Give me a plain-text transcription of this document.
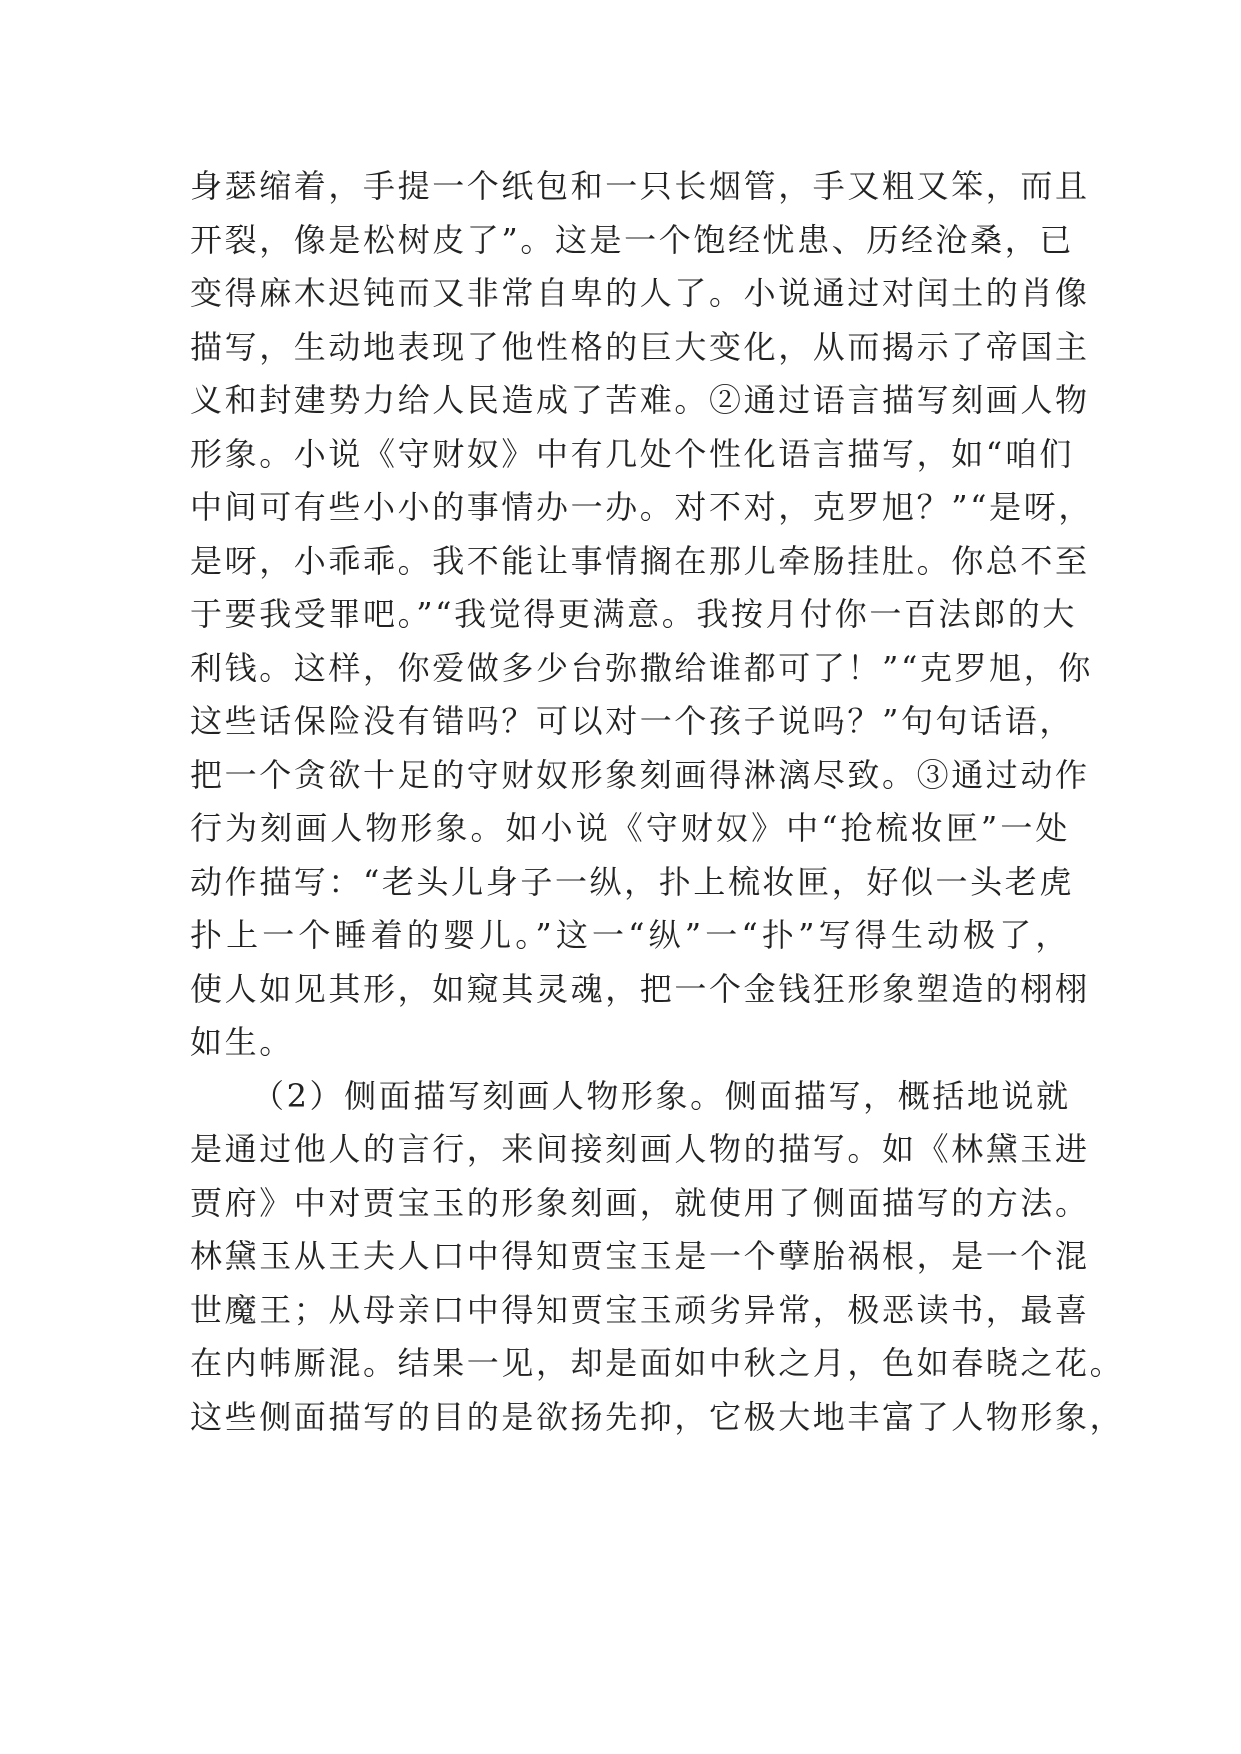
身瑟缩着，手提一个纸包和一只长烟管，手又粗又笨，而且
开裂，像是松树皮了”。这是一个饱经忧患、历经沧桑，已
变得麻木迟钝而又非常自卑的人了。小说通过对闰土的肖像
描写，生动地表现了他性格的巨大变化，从而揭示了帝国主
义和封建势力给人民造成了苦难。②通过语言描写刻画人物
形象。小说《守财奴》中有几处个性化语言描写，如“咱们
中间可有些小小的事情办一办。对不对，克罗旭？”“是呀，
是呀，小乖乖。我不能让事情搁在那儿牵肠挂肚。你总不至
于要我受罪吧。”“我觉得更满意。我按月付你一百法郎的大
利钱。这样，你爱做多少台弥撒给谁都可了！”“克罗旭，你
这些话保险没有错吗？可以对一个孩子说吗？”句句话语，
把一个贪欲十足的守财奴形象刻画得淋漓尽致。③通过动作
行为刻画人物形象。如小说《守财奴》中“抢梳妆匣”一处
动作描写：“老头儿身子一纵，扑上梳妆匣，好似一头老虎
扑上一个睡着的婴儿。”这一“纵”一“扑”写得生动极了，
使人如见其形，如窥其灵魂，把一个金钱狂形象塑造的栩栩
如生。
（2）侧面描写刻画人物形象。侧面描写，概括地说就
是通过他人的言行，来间接刻画人物的描写。如《林黛玉进
贾府》中对贾宝玉的形象刻画，就使用了侧面描写的方法。
林黛玉从王夫人口中得知贾宝玉是一个孽胎祸根，是一个混
世魔王；从母亲口中得知贾宝玉顽劣异常，极恶读书，最喜
在内帏厮混。结果一见，却是面如中秋之月，色如春晓之花。
这些侧面描写的目的是欲扬先抑，它极大地丰富了人物形象，
